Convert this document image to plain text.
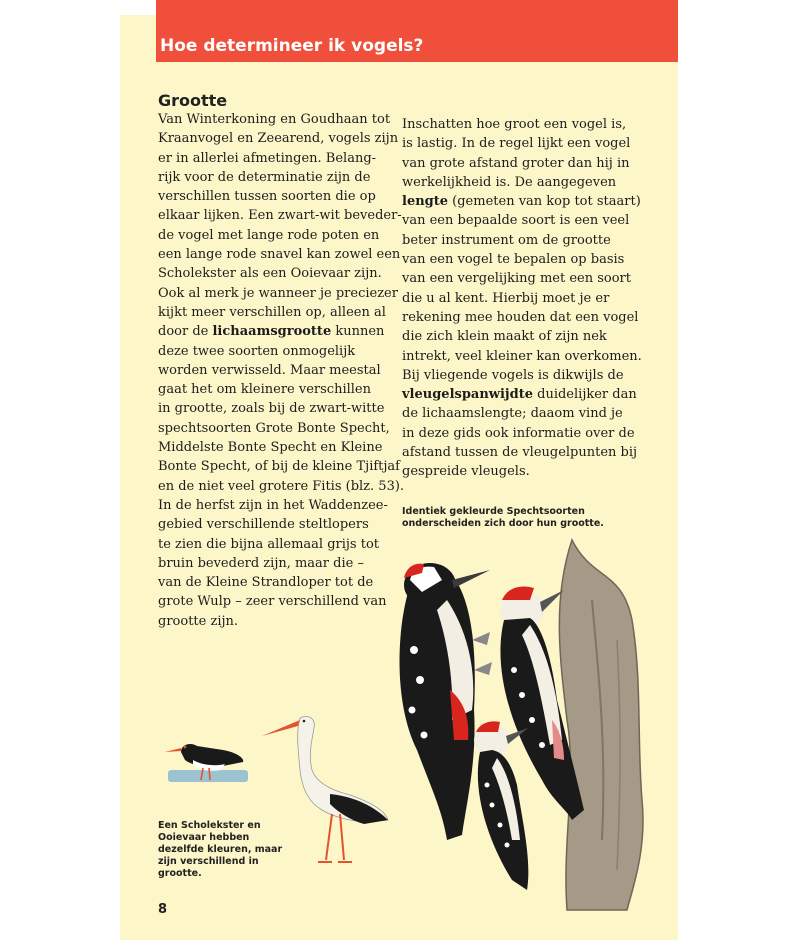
Hoe determineer ik vogels?
Grootte

Van Winterkoning en Goudhaan tot

Kraanvogel en Zeearend, vogels zijn

er in allerlei afmetingen. Belang-

rijk voor de determinatie zijn de

verschillen tussen soorten die op

elkaar lijken. Een zwart-wit beveder-

de vogel met lange rode poten en

een lange rode snavel kan zowel een

Scholekster als een Ooievaar zijn.

Ook al merk je wanneer je preciezer

kijkt meer verschillen op, alleen al

door de lichaamsgrootte kunnen

deze twee soorten onmogelijk

worden verwisseld. Maar meestal

gaat het om kleinere verschillen

in grootte, zoals bij de zwart-witte

spechtsoorten Grote Bonte Specht,

Middelste Bonte Specht en Kleine

Bonte Specht, of bij de kleine Tjiftjaf

en de niet veel grotere Fitis (blz. 53).

In de herfst zijn in het Waddenzee-

gebied verschillende steltlopers

te zien die bijna allemaal grijs tot

bruin bevederd zijn, maar die –

van de Kleine Strandloper tot de

grote Wulp – zeer verschillend van

grootte zijn.

Inschatten hoe groot een vogel is,

is lastig. In de regel lijkt een vogel

van grote afstand groter dan hij in

werkelijkheid is. De aangegeven

lengte (gemeten van kop tot staart)

van een bepaalde soort is een veel

beter instrument om de grootte

van een vogel te bepalen op basis

van een vergelijking met een soort

die u al kent. Hierbij moet je er

rekening mee houden dat een vogel

die zich klein maakt of zijn nek

intrekt, veel kleiner kan overkomen.

Bij vliegende vogels is dikwijls de

vleugelspanwijdte duidelijker dan

de lichaamslengte; daaom vind je

in deze gids ook informatie over de

afstand tussen de vleugelpunten bij

gespreide vleugels.

Identiek gekleurde Spechtsoorten

onderscheiden zich door hun grootte.

Een Scholekster en

Ooievaar hebben

dezelfde kleuren, maar

zijn verschillend in

grootte.

8
